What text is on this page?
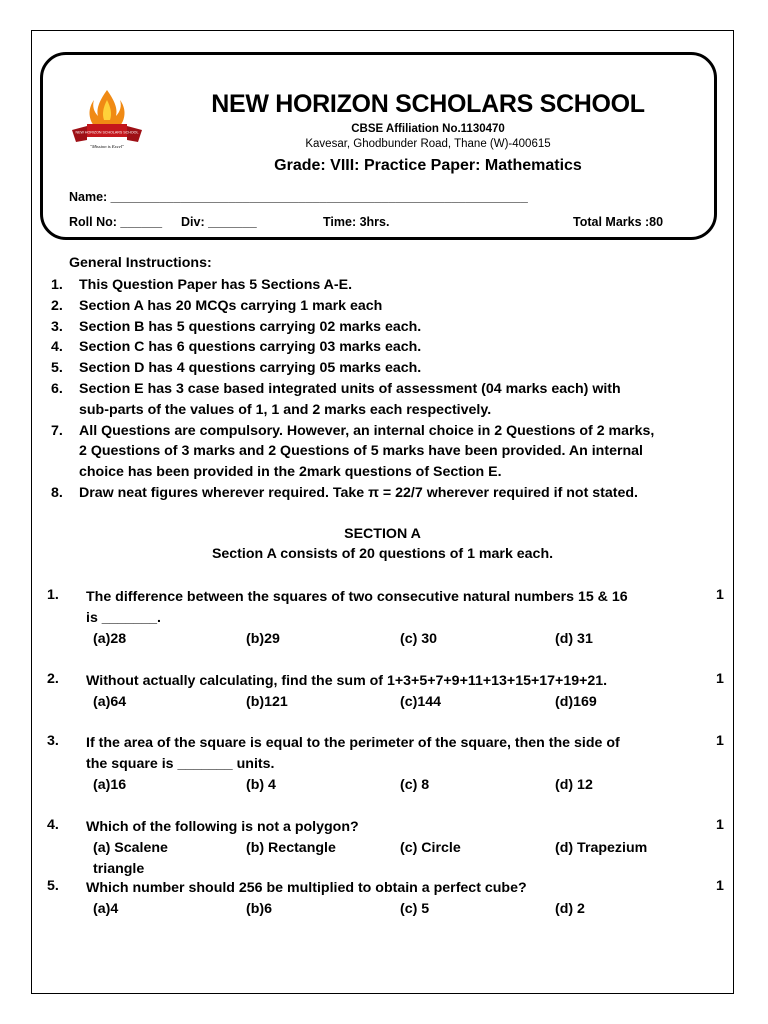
NEW HORIZON SCHOLARS SCHOOL
"Mission is Excel"
NEW HORIZON SCHOLARS SCHOOL
CBSE Affiliation No.1130470
Kavesar, Ghodbunder Road, Thane (W)-400615
Grade: VIII: Practice Paper: Mathematics
Name: ____________________________________________________________
Roll No: ______ Div: _______	Time: 3hrs.	Total Marks :80
General Instructions:
1. This Question Paper has 5 Sections A-E.
2. Section A has 20 MCQs carrying 1 mark each
3. Section B has 5 questions carrying 02 marks each.
4. Section C has 6 questions carrying 03 marks each.
5. Section D has 4 questions carrying 05 marks each.
6. Section E has 3 case based integrated units of assessment (04 marks each) with
sub-parts of the values of 1, 1 and 2 marks each respectively.
7. All Questions are compulsory. However, an internal choice in 2 Questions of 2 marks,
2 Questions of 3 marks and 2 Questions of 5 marks have been provided. An internal
choice has been provided in the 2mark questions of Section E.
8. Draw neat figures wherever required. Take π = 22/7 wherever required if not stated.
SECTION A
Section A consists of 20 questions of 1 mark each.
1.	1
The difference between the squares of two consecutive natural numbers 15 & 16
is _______.
(a)28	(b)29	(c) 30	(d) 31
2.	1
Without actually calculating, find the sum of 1+3+5+7+9+11+13+15+17+19+21.
(a)64	(b)121	(c)144	(d)169
3.	1
If the area of the square is equal to the perimeter of the square, then the side of
the square is _______ units.
(a)16	(b) 4	(c) 8	(d) 12
4.	1
Which of the following is not a polygon?
(a) Scalene	(b) Rectangle	(c) Circle	(d) Trapezium
triangle
5.	1
Which number should 256 be multiplied to obtain a perfect cube?
(a)4	(b)6	(c) 5	(d) 2
